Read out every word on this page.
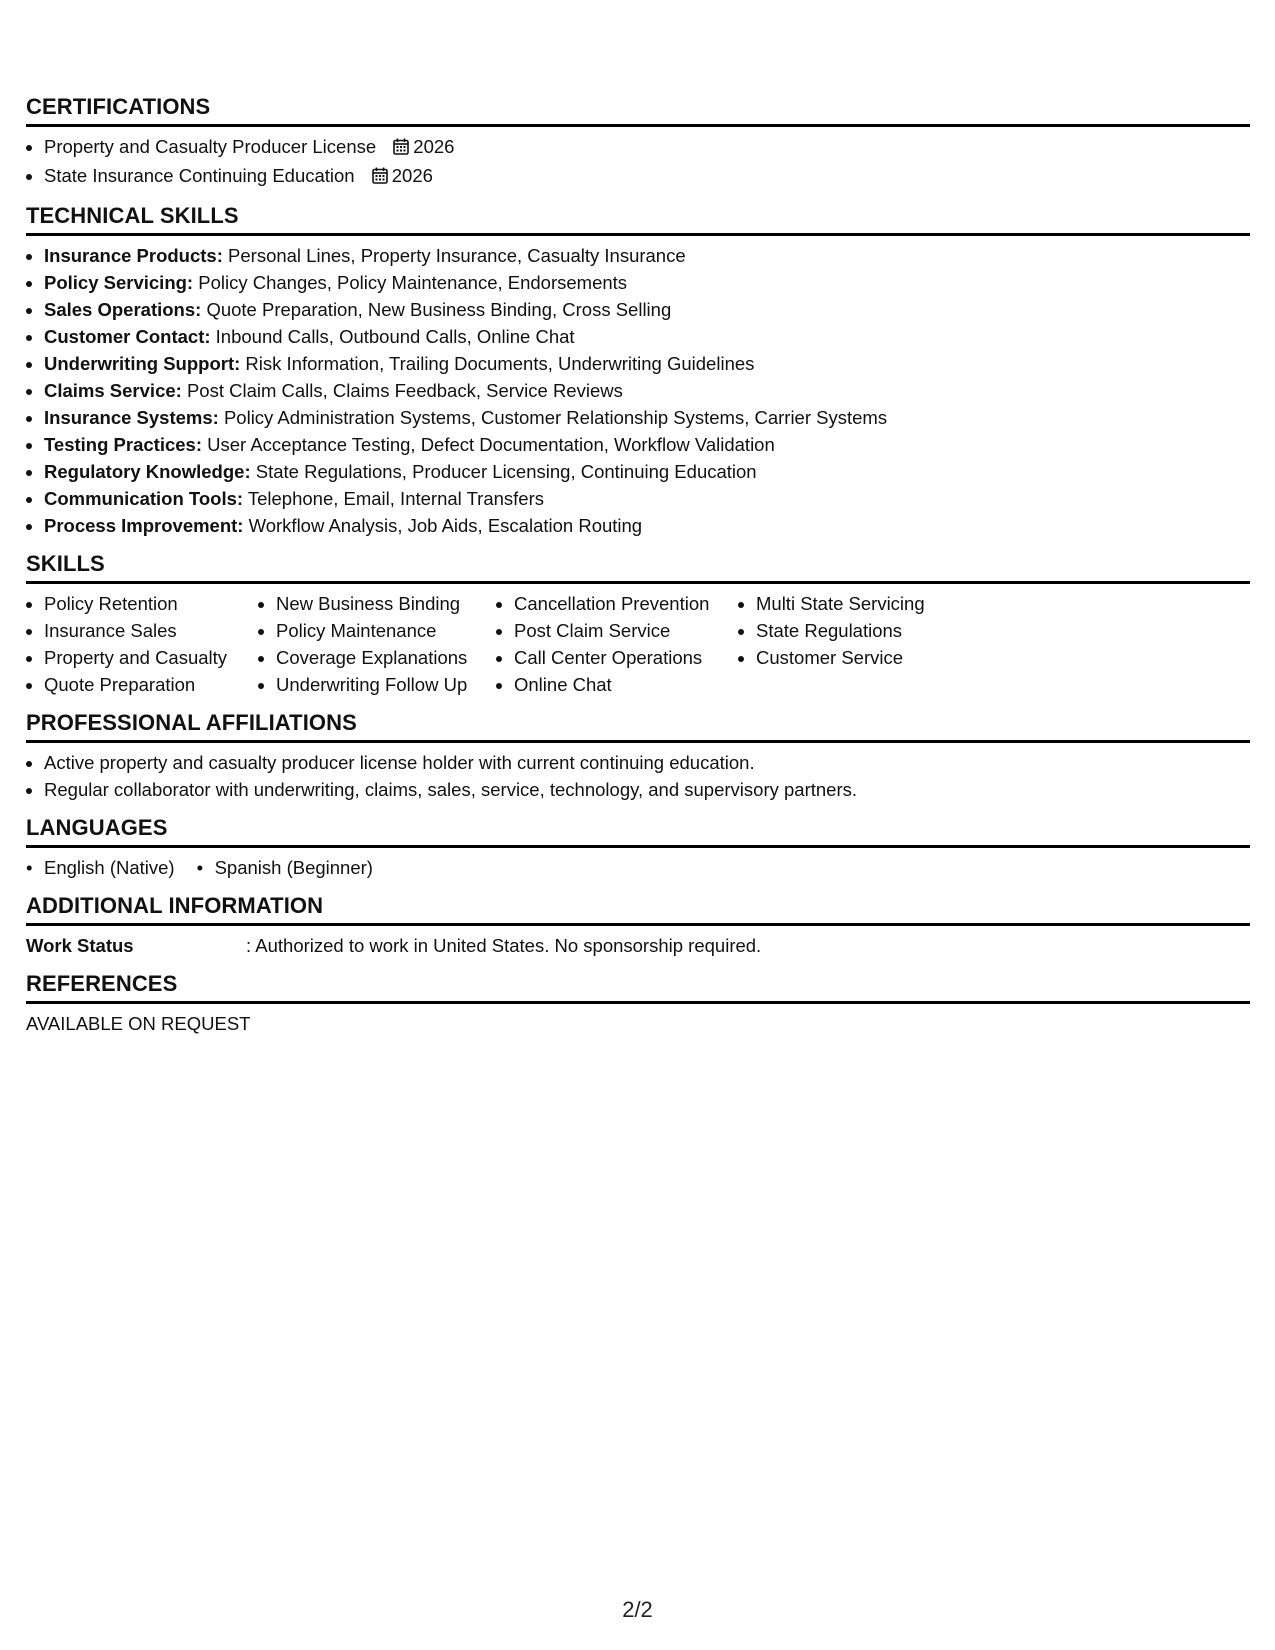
CERTIFICATIONS
• Property and Casualty Producer License 2026
• State Insurance Continuing Education 2026
TECHNICAL SKILLS
• Insurance Products: Personal Lines, Property Insurance, Casualty Insurance
• Policy Servicing: Policy Changes, Policy Maintenance, Endorsements
• Sales Operations: Quote Preparation, New Business Binding, Cross Selling
• Customer Contact: Inbound Calls, Outbound Calls, Online Chat
• Underwriting Support: Risk Information, Trailing Documents, Underwriting Guidelines
• Claims Service: Post Claim Calls, Claims Feedback, Service Reviews
• Insurance Systems: Policy Administration Systems, Customer Relationship Systems, Carrier Systems
• Testing Practices: User Acceptance Testing, Defect Documentation, Workflow Validation
• Regulatory Knowledge: State Regulations, Producer Licensing, Continuing Education
• Communication Tools: Telephone, Email, Internal Transfers
• Process Improvement: Workflow Analysis, Job Aids, Escalation Routing
SKILLS
• Policy Retention
• Insurance Sales
• Property and Casualty
• Quote Preparation
• New Business Binding
• Policy Maintenance
• Coverage Explanations
• Underwriting Follow Up
• Cancellation Prevention
• Post Claim Service
• Call Center Operations
• Online Chat
• Multi State Servicing
• State Regulations
• Customer Service
PROFESSIONAL AFFILIATIONS
• Active property and casualty producer license holder with current continuing education.
• Regular collaborator with underwriting, claims, sales, service, technology, and supervisory partners.
LANGUAGES
• English (Native)
•	Spanish (Beginner)
ADDITIONAL INFORMATION
Work Status	: Authorized to work in United States. No sponsorship required.
REFERENCES
AVAILABLE ON REQUEST
2/2
